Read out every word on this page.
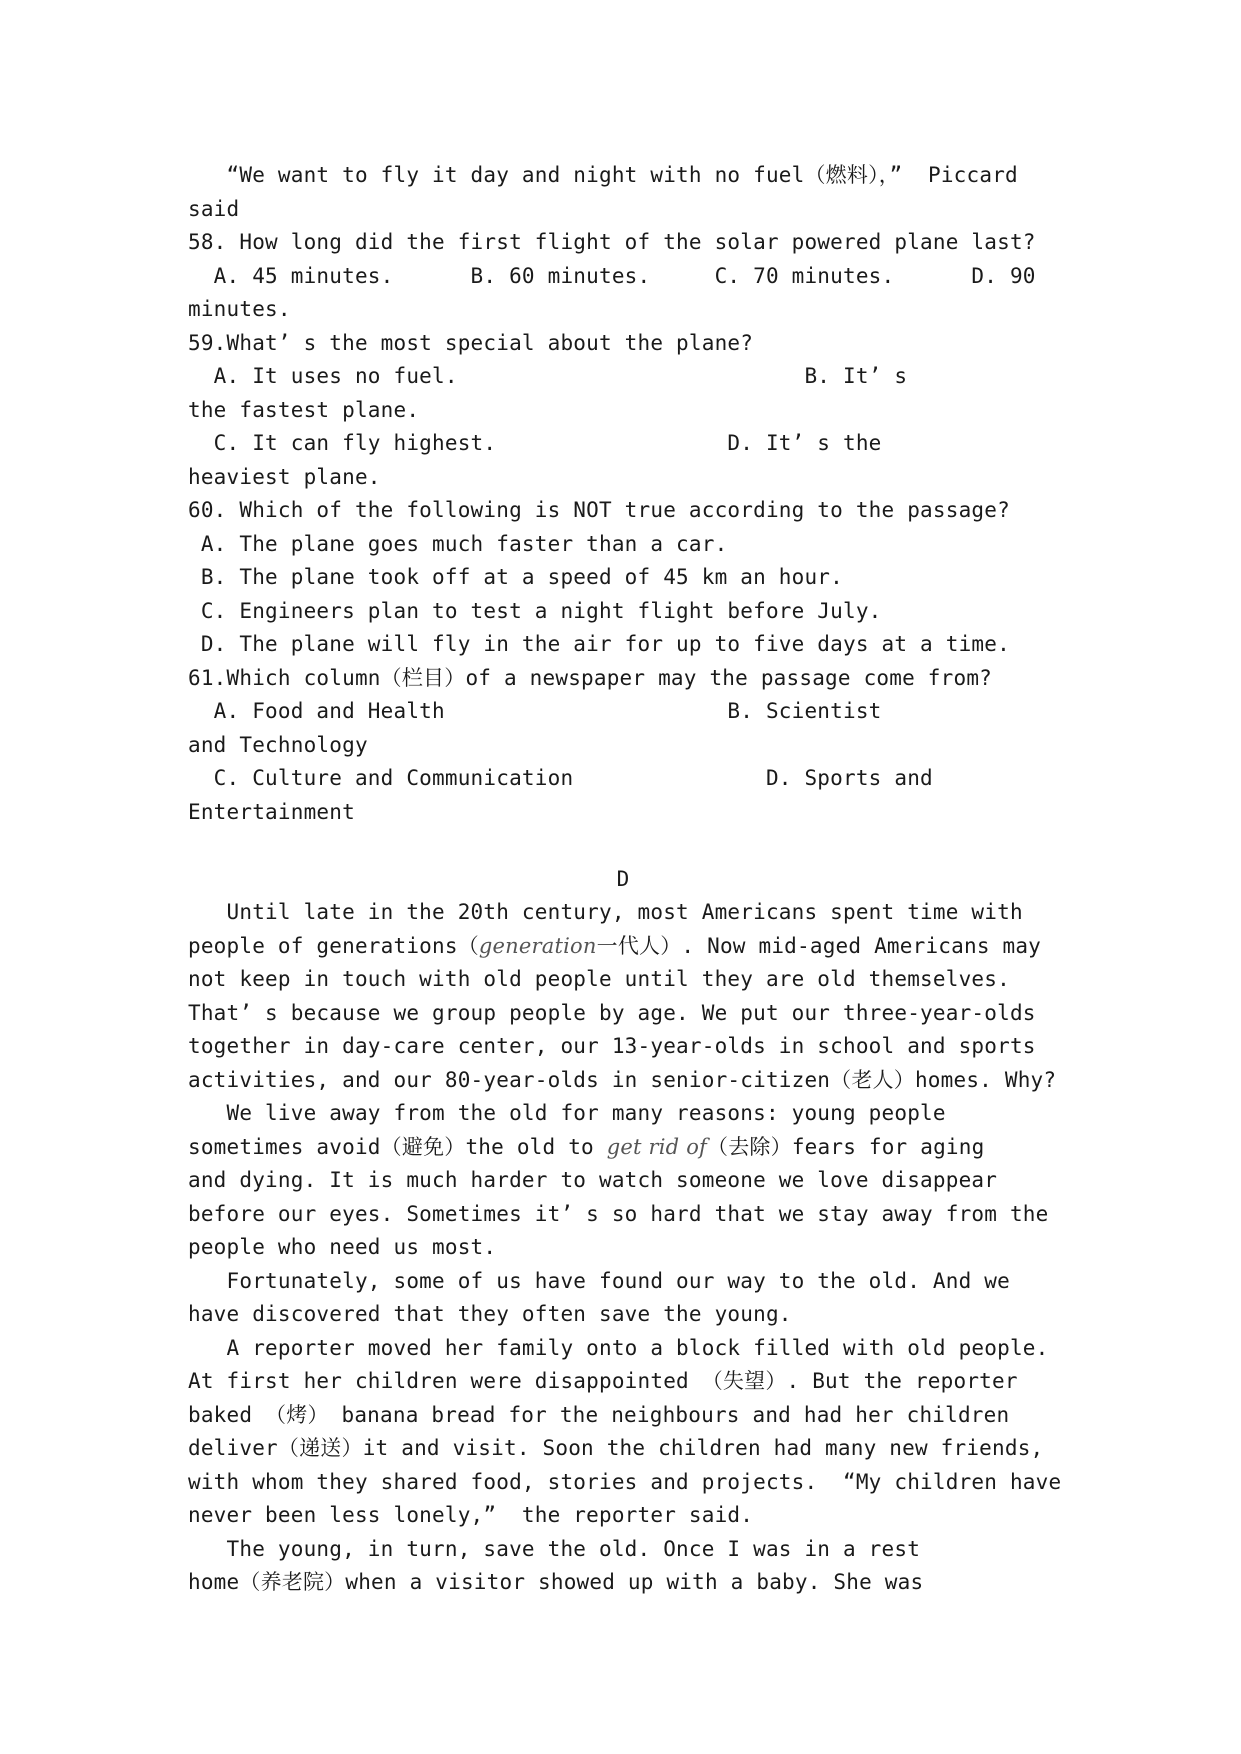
“We want to fly it day and night with no fuel（燃料），”  Piccard
said
58. How long did the first flight of the solar powered plane last?
A. 45 minutes.      B. 60 minutes.     C. 70 minutes.      D. 90
minutes.
59.What’ s the most special about the plane?
A. It uses no fuel.                           B. It’ s
the fastest plane.
C. It can fly highest.                  D. It’ s the
heaviest plane.
60. Which of the following is NOT true according to the passage?
A. The plane goes much faster than a car.
B. The plane took off at a speed of 45 km an hour.
C. Engineers plan to test a night flight before July.
D. The plane will fly in the air for up to five days at a time.
61.Which column（栏目）of a newspaper may the passage come from?
A. Food and Health                      B. Scientist
and Technology
C. Culture and Communication               D. Sports and
Entertainment
D
Until late in the 20th century, most Americans spent time with
people of generations（generation一代人）. Now mid-aged Americans may
not keep in touch with old people until they are old themselves.
That’ s because we group people by age. We put our three-year-olds
together in day-care center, our 13-year-olds in school and sports
activities, and our 80-year-olds in senior-citizen（老人）homes. Why?
We live away from the old for many reasons: young people
sometimes avoid（避免）the old to get rid of（去除）fears for aging
and dying. It is much harder to watch someone we love disappear
before our eyes. Sometimes it’ s so hard that we stay away from the
people who need us most.
Fortunately, some of us have found our way to the old. And we
have discovered that they often save the young.
A reporter moved her family onto a block filled with old people.
At first her children were disappointed （失望）. But the reporter
baked （烤） banana bread for the neighbours and had her children
deliver（递送）it and visit. Soon the children had many new friends,
with whom they shared food, stories and projects.  “My children have
never been less lonely,”  the reporter said.
The young, in turn, save the old. Once I was in a rest
home（养老院）when a visitor showed up with a baby. She was
